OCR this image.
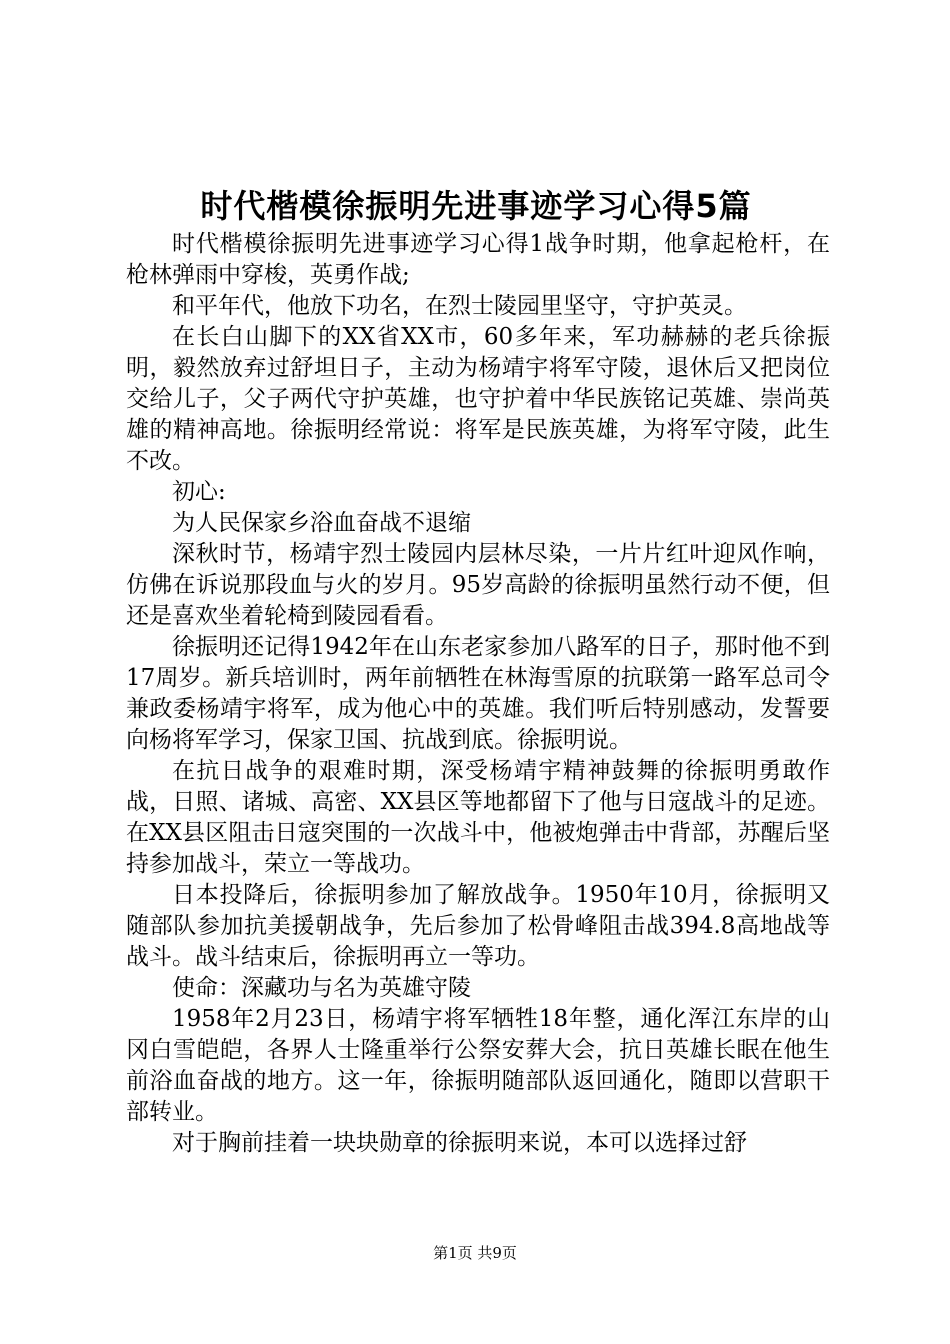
时代楷模徐振明先进事迹学习心得5篇

时代楷模徐振明先进事迹学习心得1战争时期，他拿起枪杆，在枪林弹雨中穿梭，英勇作战;

和平年代，他放下功名，在烈士陵园里坚守，守护英灵。

在长白山脚下的XX省XX市，60多年来，军功赫赫的老兵徐振明，毅然放弃过舒坦日子，主动为杨靖宇将军守陵，退休后又把岗位交给儿子，父子两代守护英雄，也守护着中华民族铭记英雄、崇尚英雄的精神高地。徐振明经常说：将军是民族英雄，为将军守陵，此生不改。

初心:

为人民保家乡浴血奋战不退缩

深秋时节，杨靖宇烈士陵园内层林尽染，一片片红叶迎风作响，仿佛在诉说那段血与火的岁月。95岁高龄的徐振明虽然行动不便，但还是喜欢坐着轮椅到陵园看看。

徐振明还记得1942年在山东老家参加八路军的日子，那时他不到17周岁。新兵培训时，两年前牺牲在林海雪原的抗联第一路军总司令兼政委杨靖宇将军，成为他心中的英雄。我们听后特别感动，发誓要向杨将军学习，保家卫国、抗战到底。徐振明说。

在抗日战争的艰难时期，深受杨靖宇精神鼓舞的徐振明勇敢作战，日照、诸城、高密、XX县区等地都留下了他与日寇战斗的足迹。在XX县区阻击日寇突围的一次战斗中，他被炮弹击中背部，苏醒后坚持参加战斗，荣立一等战功。

日本投降后，徐振明参加了解放战争。1950年10月，徐振明又随部队参加抗美援朝战争，先后参加了松骨峰阻击战394.8高地战等战斗。战斗结束后，徐振明再立一等功。

使命：深藏功与名为英雄守陵

1958年2月23日，杨靖宇将军牺牲18年整，通化浑江东岸的山冈白雪皑皑，各界人士隆重举行公祭安葬大会，抗日英雄长眠在他生前浴血奋战的地方。这一年，徐振明随部队返回通化，随即以营职干部转业。

对于胸前挂着一块块勋章的徐振明来说，本可以选择过舒

第1页 共9页
